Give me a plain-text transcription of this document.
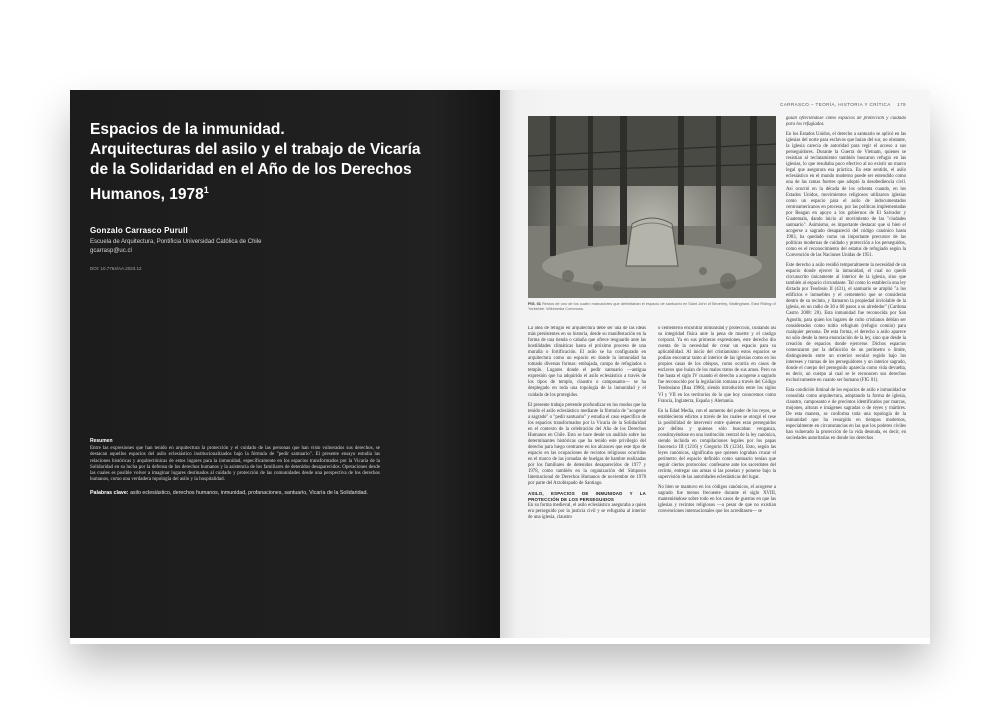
Espacios de la inmunidad.
Arquitecturas del asilo y el trabajo de Vicaría
de la Solidaridad en el Año de los Derechos
Humanos, 1978$^1$
Gonzalo Carrasco Purull
Escuela de Arquitectura, Pontificia Universidad Católica de Chile
gcarrasp@uc.cl
DOI: 10.7764/AA.2023.12
Resumen
Entre las expresiones que han tenido en arquitectura la protección y el cuidado de las personas que han visto vulnerados sus derechos, se destacan aquellos espacios del asilo eclesiástico institucionalizados bajo la fórmula de "pedir santuario". El presente ensayo estudia las relaciones históricas y arquitectónicas de estos lugares para la inmunidad, específicamente en los espacios transformados por la Vicaría de la Solidaridad en su lucha por la defensa de los derechos humanos y la asistencia de los familiares de detenidos desaparecidos. Operaciones desde las cuales es posible volver a imaginar lugares destinados al cuidado y protección de las comunidades desde una perspectiva de los derechos humanos, como una verdadera topología del asilo y la hospitalidad.
Palabras clave: asilo eclesiástico, derechos humanos, inmunidad, profanaciones, santuario, Vicaría de la Solidaridad.
CARRASCO – TEORÍA, HISTORIA Y CRÍTICA 179
FIG. 01 Restos de uno de los cuatro marcadores que delimitaban el espacio de santuario en Saint John of Beverley, Wallingham, East Riding of Yorkshire. Wikimedia Commons.

La idea de refugio en arquitectura debe ser una de las ideas más persistentes en su historia, desde su manifestación en la forma de una tienda o cabaña que ofrece resguardo ante las hostilidades climáticas hasta el próximo proceso de una muralla o fortificación. El asilo se ha configurado en arquitectura como un espacio en donde la inmunidad ha tomado diversas formas: embajada, campo de refugiados o templo. Lugares donde el pedir santuario —antigua expresión que ha adquirido el asilo eclesiástico a través de los tipos de templo, claustro o camposanto— se ha desplegado en toda una topología de la inmunidad y el cuidado de los protegidos.

El presente trabajo pretende profundizar en los modos que ha tenido el asilo eclesiástico mediante la fórmula de "acogerse a sagrado" o "pedir santuario" y estudia el caso específico de los espacios transformados por la Vicaría de la Solidaridad en el contexto de la celebración del Año de los Derechos Humanos en Chile. Esto se hace desde un análisis sobre las determinantes históricas que ha tenido este privilegio del derecho para luego centrarse en los alcances que este tipo de espacio en las ocupaciones de recintos religiosos ocurridas en el marco de las jornadas de huelgas de hambre realizadas por los familiares de detenidos desaparecidos de 1977 y 1978, como también en la organización del Simposio Internacional de Derechos Humanos de noviembre de 1978 por parte del Arzobispado de Santiago.

ASILO, ESPACIOS DE INMUNIDAD Y LA PROTECCIÓN DE LOS PERSEGUIDOS

En su forma medieval, el asilo eclesiástico aseguraba a quien era perseguido por la justicia civil y se refugiaba al interior de una iglesia, claustro

o cementerio encontrar inmunidad y protección, cuidando así su integridad física ante la pena de muerte y el castigo corporal. Ya en sus primeras expresiones, este derecho dio cuenta de la necesidad de crear un espacio para su aplicabilidad. Al inicio del cristianismo estos espacios se podían encontrar tanto al interior de las iglesias como en los propios casas de los obispos, como ocurría en casos de esclavos que huían de los malos tratos de sus amos. Pero no fue hasta el siglo IV cuando el derecho a acogerse a sagrado fue reconocido por la legislación romana a través del Código Teodosiano (Rua 1986), siendo introducido entre los siglos VI y VII en los territorios de lo que hoy conocemos como Francia, Inglaterra, España y Alemania.

En la Edad Media, con el aumento del poder de los reyes, se establecieron edictos a través de los cuales se otorgó el cese la posibilidad de intervenir entre quienes eran perseguidos por delitos y quienes sólo buscaban venganza, constituyéndose en una institución central de la ley canónica, siendo incluida en compilaciones legales por los papas Inocencio III (1216) y Gregorio IX (1234). Esto, según las leyes canónicas, significaba que quienes lograban cruzar el perímetro del espacio definido como santuario tenían que seguir ciertos protocolos: confesarse ante los sacerdotes del recinto, entregar sus armas si las poseían y ponerse bajo la supervisión de las autoridades eclesiásticas del lugar.

No bien se mantuvo en los códigos canónicos, el acogerse a sagrado fue menos frecuente durante el siglo XVIII, manteniéndose sobre todo en los casos de guerras en que las iglesias y recintos religiosos —a pesar de que no existían convenciones internacionales que los acreditasen— se

guían ofreciéndose como espacios de protección y cuidado para los refugiados.

En los Estados Unidos, el derecho a santuario se aplicó en las iglesias del norte para esclavos que huían del sur, no obstante, la iglesia carecía de autoridad para regir el acceso a sus perseguidores. Durante la Guerra de Vietnam, quienes se resistían al reclutamiento también buscaron refugio en las iglesias, lo que resultaba poco efectivo al no existir un marco legal que asegurara esa práctica. En este sentido, el asilo eclesiástico en el mundo moderno puede ser entendido como una de las ramas fuertes que adoptó la desobediencia civil. Así ocurrió en la década de los ochenta cuando, en los Estados Unidos, movimientos religiosos utilizaron iglesias como un espacio para el asilo de indocumentados centroamericanos en proceso, por las políticas implementadas por Reagan en apoyo a los gobiernos de El Salvador y Guatemala, dando inicio al movimiento de las "ciudades santuario". Asimismo, es importante destacar que si bien el acogerse a sagrado desapareció del código canónico hasta 1983, ha quedado como un importante precursor de las políticas modernas de cuidado y protección a los perseguidos, como es el reconocimiento del estatus de refugiado según la Convención de las Naciones Unidas de 1951.

Este derecho a asilo residió temporalmente la necesidad de un espacio donde ejercer la inmunidad, el cual no quedó circunscrito únicamente al interior de la iglesia, sino que también al espacio circundante. Tal como lo establecía una ley dictada por Teodosio II (431), el santuario se amplió "a los edificios e inmuebles y el cementerio que se consideran dentro de su recinto, y llamaron la propiedad inviolable de la iglesia, en un radio de 30 a 60 pasos a su alrededor" (Cardona Castro 2008: 20). Esta inmunidad fue reconocida por San Agustín, para quien los lugares de culto cristianos debían ser considerados como tuitio refugium (refugio común) para cualquier persona. De esta forma, el derecho a asilo aparece no sólo desde la mera enunciación de la ley, sino que desde la creación de espacios donde ejercerse. Dichos espacios comenzaron por la definición de un perímetro o límite, distinguiendo entre un exterior secular regido bajo los intereses y tramas de los perseguidores y un interior sagrado, donde el cuerpo del perseguido aparecía como vida devuelta, es decir, un cuerpo al cual se le reconocen sus derechos exclusivamente en cuanto ser humano (FIG 01).

Esta condición liminal de los espacios de asilo e inmunidad se consolida como arquitectura, adoptando la forma de iglesia, claustro, camposanto e de precintos identificados por marcas, mojones, alturas e imágenes sagradas o de reyes y mártires. De esta manera, se conforma toda una topología de la inmunidad que ha resurgido en tiempos modernos, especialmente en circunstancias en las que los poderes civiles han vulnerado la protección de la vida desnuda, es decir, en sociedades autoritarias en donde los derechos
